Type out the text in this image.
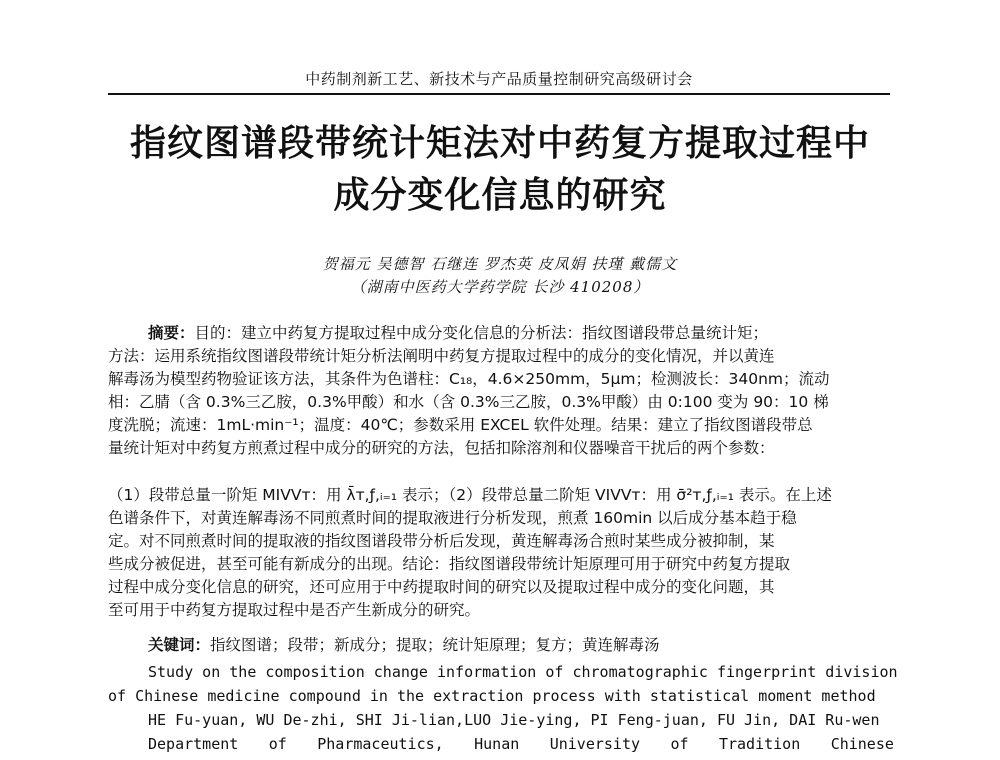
中药制剂新工艺、新技术与产品质量控制研究高级研讨会
指纹图谱段带统计矩法对中药复方提取过程中
成分变化信息的研究
贺福元 吴德智 石继连 罗杰英 皮凤娟 扶瑾 戴儒文
（湖南中医药大学药学院 长沙 410208）
摘要：目的：建立中药复方提取过程中成分变化信息的分析法：指纹图谱段带总量统计矩；
方法：运用系统指纹图谱段带统计矩分析法阐明中药复方提取过程中的成分的变化情况，并以黄连
解毒汤为模型药物验证该方法，其条件为色谱柱：C₁₈，4.6×250mm，5μm；检测波长：340nm；流动
相：乙腈（含 0.3%三乙胺，0.3%甲酸）和水（含 0.3%三乙胺，0.3%甲酸）由 0:100 变为 90：10 梯
度洗脱；流速：1mL·min⁻¹；温度：40℃；参数采用 EXCEL 软件处理。结果：建立了指纹图谱段带总
量统计矩对中药复方煎煮过程中成分的研究的方法，包括扣除溶剂和仪器噪音干扰后的两个参数：
（1）段带总量一阶矩 MIVVᴛ：用 λ̄ᴛ,ƒ,ᵢ₌₁ 表示；（2）段带总量二阶矩 VIVVᴛ：用 σ̄²ᴛ,ƒ,ᵢ₌₁ 表示。在上述
色谱条件下，对黄连解毒汤不同煎煮时间的提取液进行分析发现，煎煮 160min 以后成分基本趋于稳
定。对不同煎煮时间的提取液的指纹图谱段带分析后发现，黄连解毒汤合煎时某些成分被抑制，某
些成分被促进，甚至可能有新成分的出现。结论：指纹图谱段带统计矩原理可用于研究中药复方提取
过程中成分变化信息的研究，还可应用于中药提取时间的研究以及提取过程中成分的变化问题，其
至可用于中药复方提取过程中是否产生新成分的研究。
关键词：指纹图谱；段带；新成分；提取；统计矩原理；复方；黄连解毒汤
Study on the composition change information of chromatographic fingerprint division
of Chinese medicine compound in the extraction process with statistical moment method
HE Fu-yuan, WU De-zhi, SHI Ji-lian,LUO Jie-ying, PI Feng-juan, FU Jin, DAI Ru-wen
Department of Pharmaceutics, Hunan University of Tradition Chinese
